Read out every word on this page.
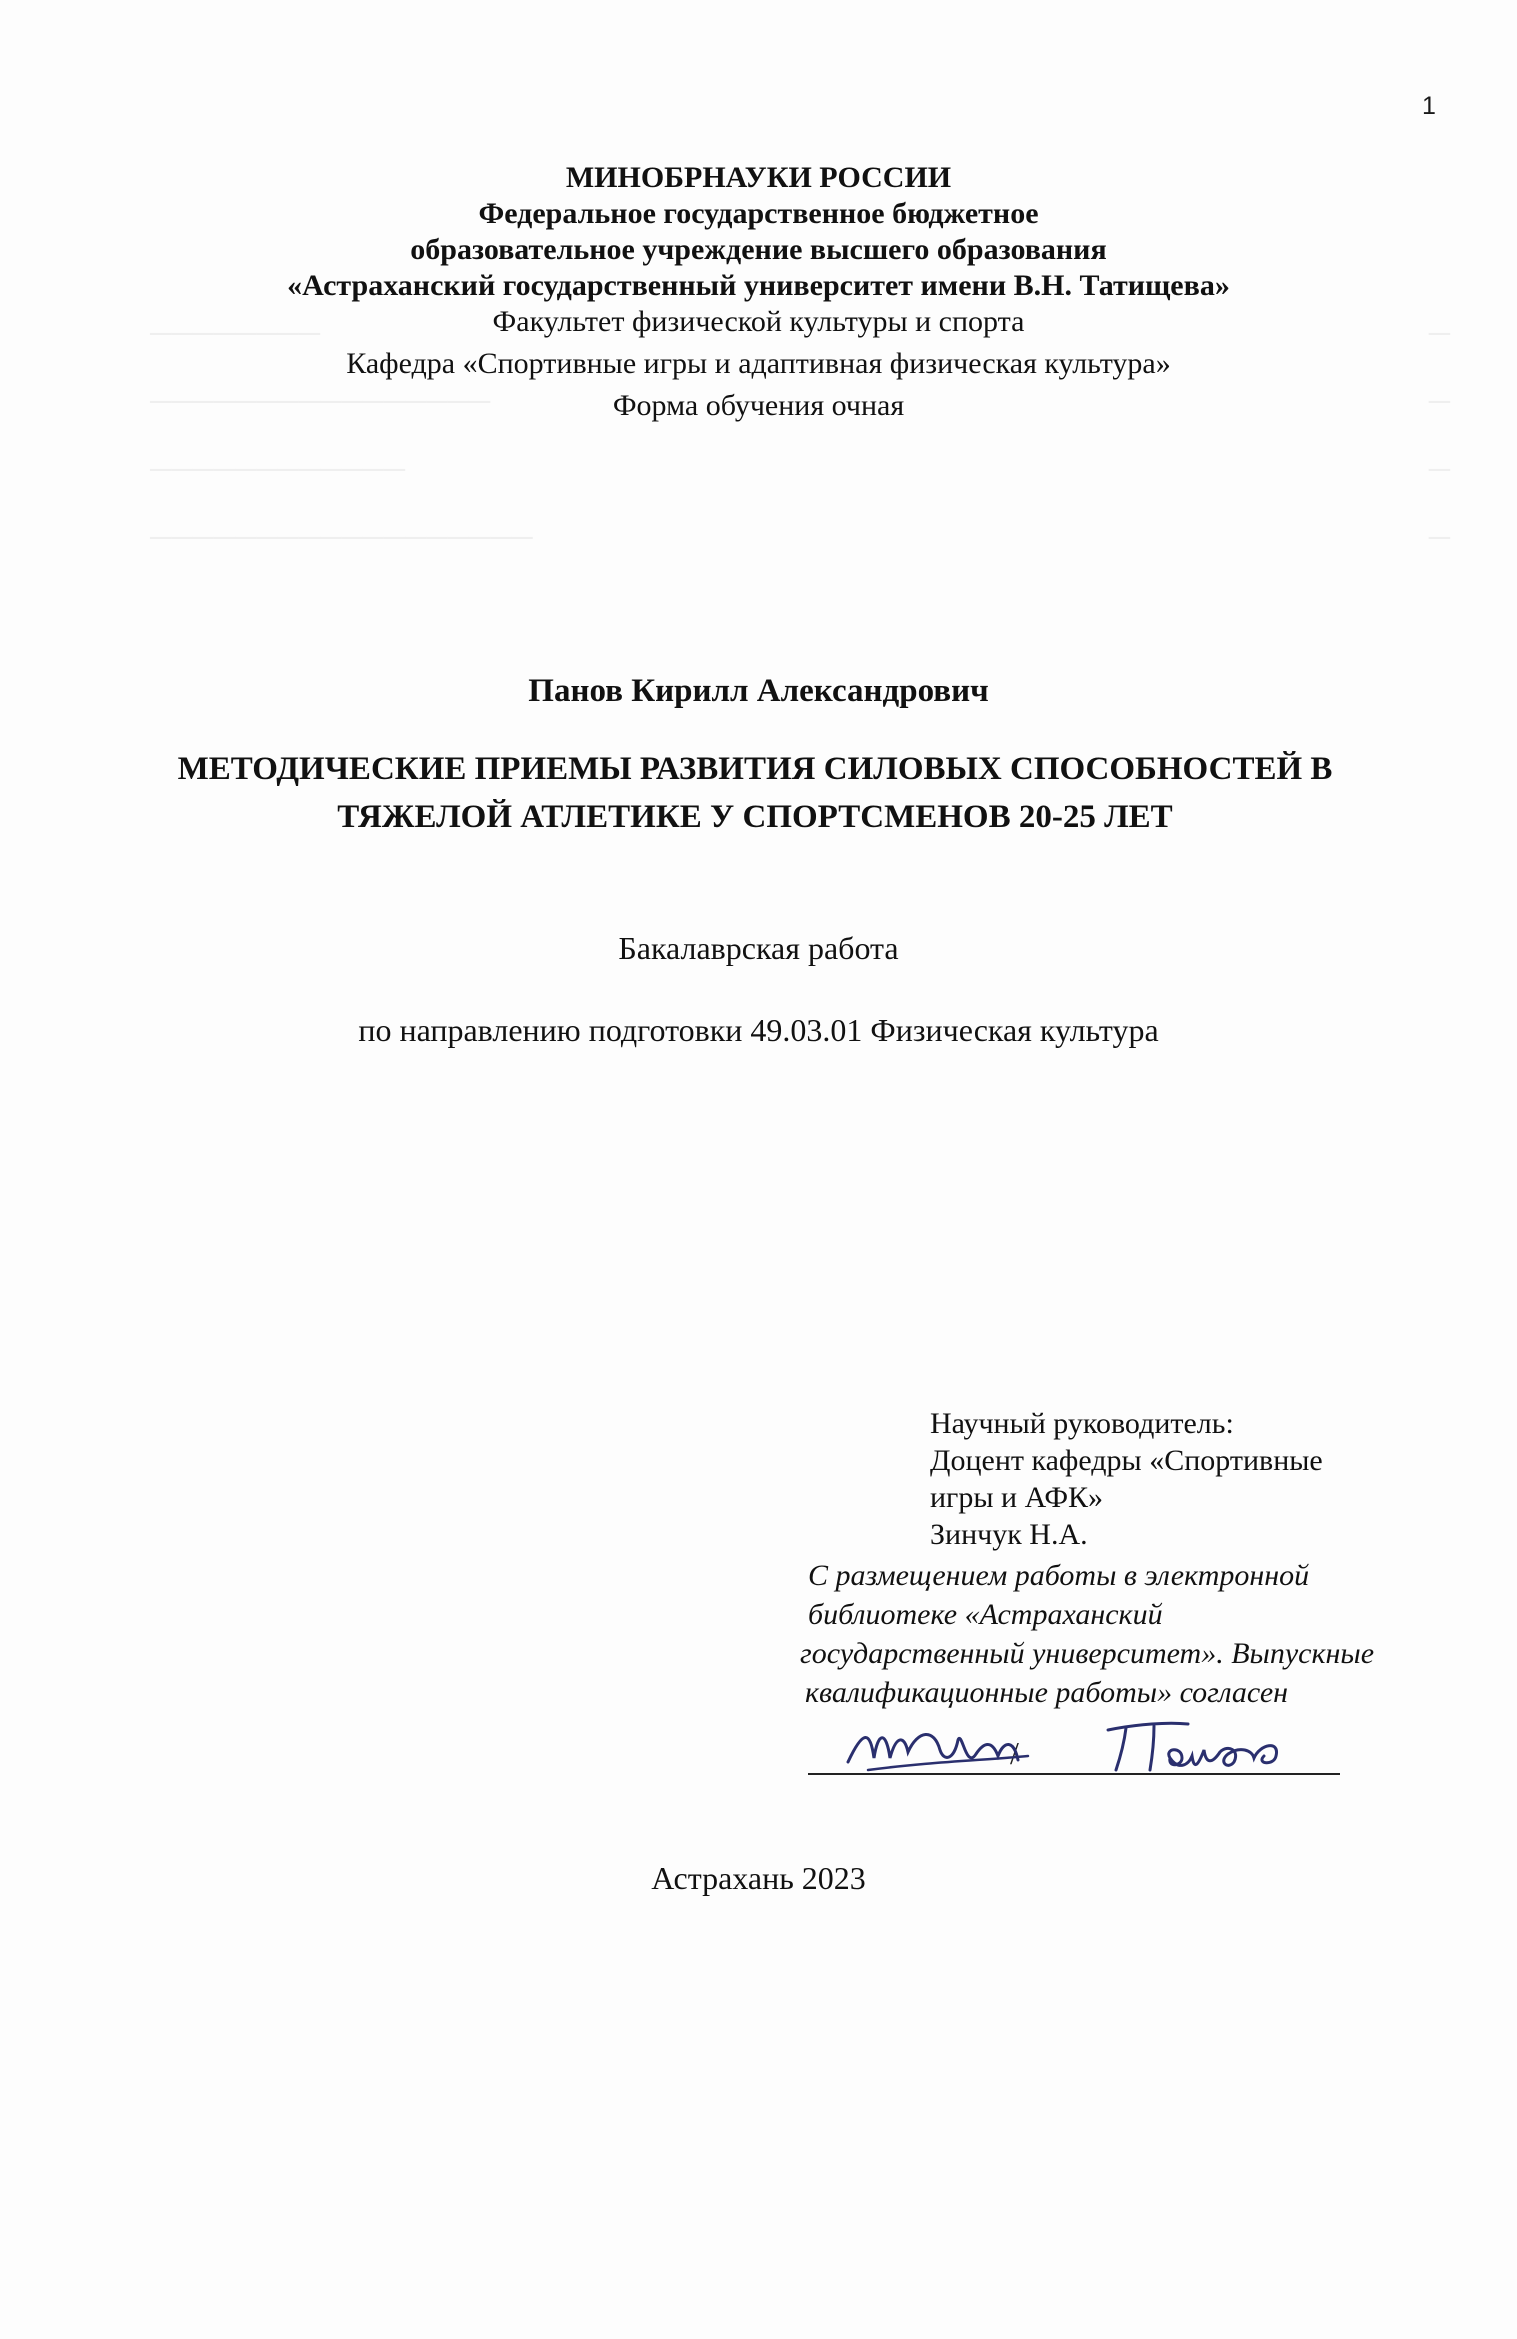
────────	─
────────────────	─
────────────	─
──────────────────	─
1
МИНОБРНАУКИ РОССИИ
Федеральное государственное бюджетное
образовательное учреждение высшего образования
«Астраханский государственный университет имени В.Н. Татищева»
Факультет физической культуры и спорта
Кафедра «Спортивные игры и адаптивная физическая культура»
Форма обучения очная
Панов Кирилл Александрович
МЕТОДИЧЕСКИЕ ПРИЕМЫ РАЗВИТИЯ СИЛОВЫХ СПОСОБНОСТЕЙ В ТЯЖЕЛОЙ АТЛЕТИКЕ У СПОРТСМЕНОВ 20-25 ЛЕТ
Бакалаврская работа
по направлению подготовки 49.03.01 Физическая культура
Научный руководитель:
Доцент кафедры «Спортивные
игры и АФК»
Зинчук Н.А.
С размещением работы в электронной
библиотеке «Астраханский
государственный университет». Выпускные
квалификационные работы» согласен
/
Астрахань 2023
